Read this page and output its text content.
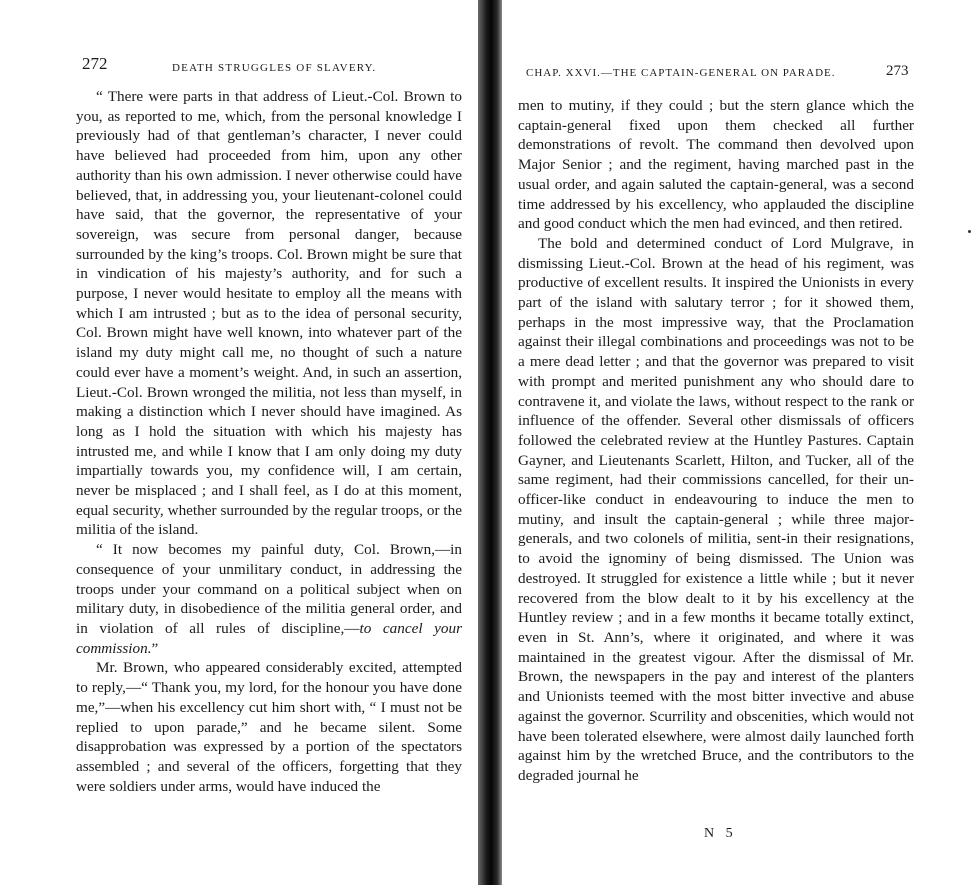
272	DEATH STRUGGLES OF SLAVERY.

“ There were parts in that address of Lieut.-Col. Brown to you, as reported to me, which, from the personal knowledge I previously had of that gentleman’s character, I never could have believed had proceeded from him, upon any other authority than his own admission. I never otherwise could have believed, that, in addressing you, your lieutenant-colonel could have said, that the governor, the representative of your sovereign, was secure from personal danger, because surrounded by the king’s troops. Col. Brown might be sure that in vindication of his majesty’s authority, and for such a purpose, I never would hesitate to employ all the means with which I am intrusted ; but as to the idea of personal security, Col. Brown might have well known, into whatever part of the island my duty might call me, no thought of such a nature could ever have a moment’s weight. And, in such an assertion, Lieut.-Col. Brown wronged the militia, not less than myself, in making a distinction which I never should have imagined. As long as I hold the situation with which his majesty has intrusted me, and while I know that I am only doing my duty impartially towards you, my confidence will, I am certain, never be misplaced ; and I shall feel, as I do at this moment, equal security, whether surrounded by the regular troops, or the militia of the island.

“ It now becomes my painful duty, Col. Brown,—in consequence of your unmilitary conduct, in addressing the troops under your command on a political subject when on military duty, in disobedience of the militia general order, and in violation of all rules of discipline,—to cancel your commission.”

Mr. Brown, who appeared considerably excited, attempted to reply,—“ Thank you, my lord, for the honour you have done me,”—when his excellency cut him short with, “ I must not be replied to upon parade,” and he became silent. Some disapprobation was expressed by a portion of the spectators assembled ; and several of the officers, forgetting that they were soldiers under arms, would have induced the

CHAP. XXVI.—THE CAPTAIN-GENERAL ON PARADE.	273

men to mutiny, if they could ; but the stern glance which the captain-general fixed upon them checked all further demonstrations of revolt. The command then devolved upon Major Senior ; and the regiment, having marched past in the usual order, and again saluted the captain-general, was a second time addressed by his excellency, who applauded the discipline and good conduct which the men had evinced, and then retired.

The bold and determined conduct of Lord Mulgrave, in dismissing Lieut.-Col. Brown at the head of his regiment, was productive of excellent results. It inspired the Unionists in every part of the island with salutary terror ; for it showed them, perhaps in the most impressive way, that the Proclamation against their illegal combinations and proceedings was not to be a mere dead letter ; and that the governor was prepared to visit with prompt and merited punishment any who should dare to contravene it, and violate the laws, without respect to the rank or influence of the offender. Several other dismissals of officers followed the celebrated review at the Huntley Pastures. Captain Gayner, and Lieutenants Scarlett, Hilton, and Tucker, all of the same regiment, had their commissions cancelled, for their un-officer-like conduct in endeavouring to induce the men to mutiny, and insult the captain-general ; while three major-generals, and two colonels of militia, sent-in their resignations, to avoid the ignominy of being dismissed. The Union was destroyed. It struggled for existence a little while ; but it never recovered from the blow dealt to it by his excellency at the Huntley review ; and in a few months it became totally extinct, even in St. Ann’s, where it originated, and where it was maintained in the greatest vigour. After the dismissal of Mr. Brown, the newspapers in the pay and interest of the planters and Unionists teemed with the most bitter invective and abuse against the governor. Scurrility and obscenities, which would not have been tolerated elsewhere, were almost daily launched forth against him by the wretched Bruce, and the contributors to the degraded journal he

N 5
